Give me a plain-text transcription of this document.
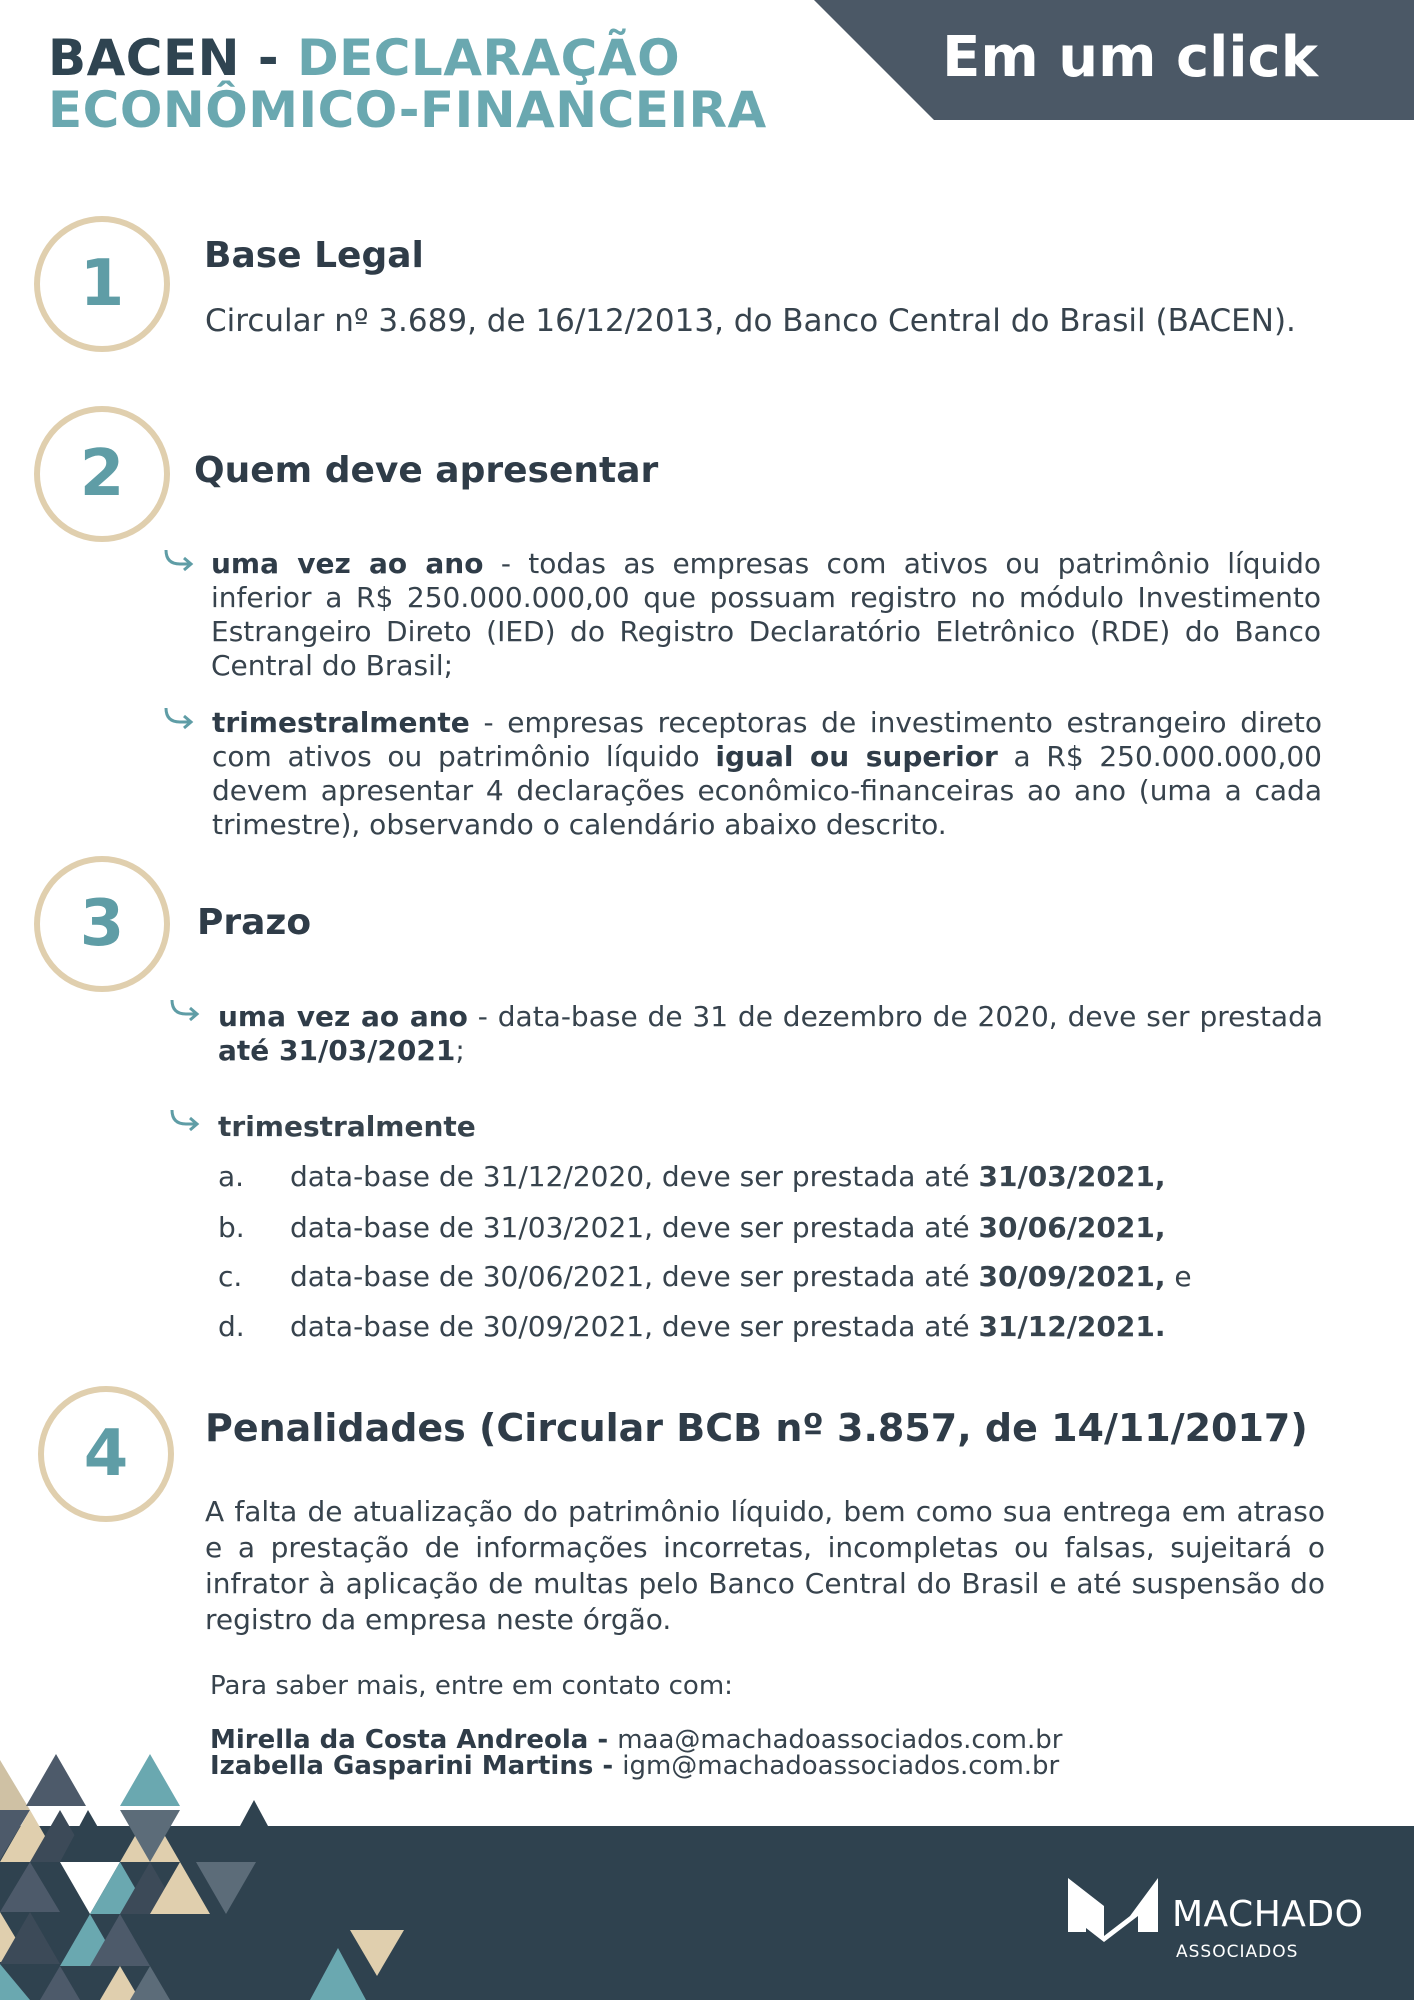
BACEN - DECLARAÇÃO
ECONÔMICO-FINANCEIRA
Em um click
1 Base Legal
Circular nº 3.689, de 16/12/2013, do Banco Central do Brasil (BACEN).
2 Quem deve apresentar
uma vez ao ano - todas as empresas com ativos ou patrimônio líquido inferior a R$ 250.000.000,00 que possuam registro no módulo Investimento Estrangeiro Direto (IED) do Registro Declaratório Eletrônico (RDE) do Banco Central do Brasil;
trimestralmente - empresas receptoras de investimento estrangeiro direto com ativos ou patrimônio líquido igual ou superior a R$ 250.000.000,00 devem apresentar 4 declarações econômico-financeiras ao ano (uma a cada trimestre), observando o calendário abaixo descrito.
3 Prazo
uma vez ao ano - data-base de 31 de dezembro de 2020, deve ser prestada até 31/03/2021;
trimestralmente
a. data-base de 31/12/2020, deve ser prestada até 31/03/2021,
b. data-base de 31/03/2021, deve ser prestada até 30/06/2021,
c. data-base de 30/06/2021, deve ser prestada até 30/09/2021, e
d. data-base de 30/09/2021, deve ser prestada até 31/12/2021.
4 Penalidades (Circular BCB nº 3.857, de 14/11/2017)
A falta de atualização do patrimônio líquido, bem como sua entrega em atraso e a prestação de informações incorretas, incompletas ou falsas, sujeitará o infrator à aplicação de multas pelo Banco Central do Brasil e até suspensão do registro da empresa neste órgão.
Para saber mais, entre em contato com:
Mirella da Costa Andreola - maa@machadoassociados.com.br
Izabella Gasparini Martins - igm@machadoassociados.com.br
MACHADO
ASSOCIADOS
